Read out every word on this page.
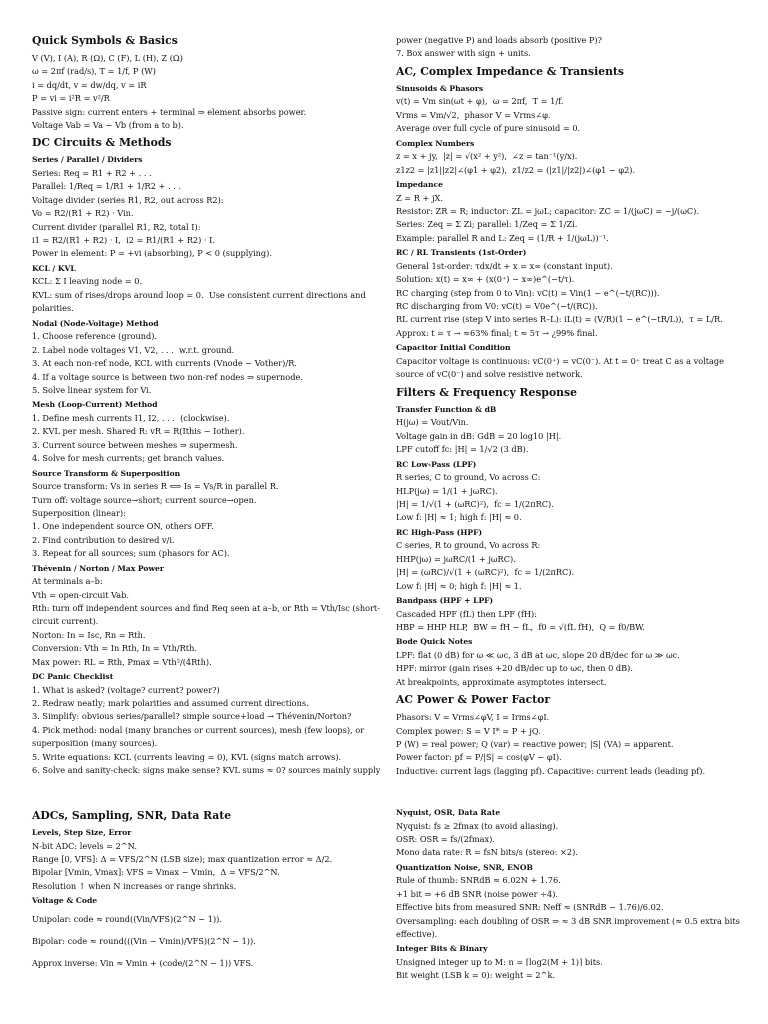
Quick Symbols & Basics

V (V), I (A), R (Ω), C (F), L (H), Z (Ω)

ω = 2πf (rad/s), T = 1/f, P (W)

i = dq/dt, v = dw/dq, v = iR

P = vi = i²R = v²/R

Passive sign: current enters + terminal ⇒ element absorbs power.

Voltage Vab = Va − Vb (from a to b).

DC Circuits & Methods
Series / Parallel / Dividers

Series: Req = R1 + R2 + . . .

Parallel: 1/Req = 1/R1 + 1/R2 + . . .

Voltage divider (series R1, R2, out across R2):

Vo = R2/(R1 + R2) · Vin.

Current divider (parallel R1, R2, total I):

i1 = R2/(R1 + R2) · I,  i2 = R1/(R1 + R2) · I.

Power in element: P = +vi (absorbing), P < 0 (supplying).

KCL / KVL

KCL: Σ I leaving node = 0.

KVL: sum of rises/drops around loop = 0.  Use consistent current directions and polarities.

Nodal (Node-Voltage) Method

1. Choose reference (ground).

2. Label node voltages V1, V2, . . .  w.r.t. ground.

3. At each non-ref node, KCL with currents (Vnode − Vother)/R.

4. If a voltage source is between two non-ref nodes ⇒ supernode.

5. Solve linear system for Vi.

Mesh (Loop-Current) Method

1. Define mesh currents I1, I2, . . .  (clockwise).

2. KVL per mesh. Shared R: vR = R(Ithis − Iother).

3. Current source between meshes ⇒ supermesh.

4. Solve for mesh currents; get branch values.

Source Transform & Superposition

Source transform: Vs in series R ⟺ Is = Vs/R in parallel R.

Turn off: voltage source→short; current source→open.

Superposition (linear):

1. One independent source ON, others OFF.

2. Find contribution to desired v/i.

3. Repeat for all sources; sum (phasors for AC).

Thévenin / Norton / Max Power

At terminals a–b:

Vth = open-circuit Vab.

Rth: turn off independent sources and find Req seen at a–b, or Rth = Vth/Isc (short-circuit current).

Norton: In = Isc, Rn = Rth.

Conversion: Vth = In Rth, In = Vth/Rth.

Max power: RL = Rth, Pmax = Vth²/(4Rth).

DC Panic Checklist

1. What is asked? (voltage? current? power?)

2. Redraw neatly; mark polarities and assumed current directions.

3. Simplify: obvious series/parallel? simple source+load → Thévenin/Norton?

4. Pick method: nodal (many branches or current sources), mesh (few loops), or superposition (many sources).

5. Write equations: KCL (currents leaving = 0), KVL (signs match arrows).

6. Solve and sanity-check: signs make sense? KVL sums ≈ 0? sources mainly supply

power (negative P) and loads absorb (positive P)?

7. Box answer with sign + units.

AC, Complex Impedance & Transients
Sinusoids & Phasors

v(t) = Vm sin(ωt + φ),  ω = 2πf,  T = 1/f.

Vrms = Vm/√2,  phasor V = Vrms∠φ.

Average over full cycle of pure sinusoid = 0.

Complex Numbers

z = x + jy,  |z| = √(x² + y²),  ∠z = tan⁻¹(y/x).

z1z2 = |z1||z2|∠(φ1 + φ2),  z1/z2 = (|z1|/|z2|)∠(φ1 − φ2).

Impedance

Z = R + jX.

Resistor: ZR = R; inductor: ZL = jωL; capacitor: ZC = 1/(jωC) = −j/(ωC).

Series: Zeq = Σ Zi; parallel: 1/Zeq = Σ 1/Zi.

Example: parallel R and L: Zeq = (1/R + 1/(jωL))⁻¹.

RC / RL Transients (1st-Order)

General 1st-order: τdx/dt + x = x∞ (constant input).

Solution: x(t) = x∞ + (x(0⁺) − x∞)e^(−t/τ).

RC charging (step from 0 to Vin): vC(t) = Vin(1 − e^(−t/(RC))).

RC discharging from V0: vC(t) = V0e^(−t/(RC)).

RL current rise (step V into series R–L): iL(t) = (V/R)(1 − e^(−tR/L)),  τ = L/R.

Approx: t = τ → ≈63% final; t ≈ 5τ → ¿99% final.

Capacitor Initial Condition

Capacitor voltage is continuous: vC(0⁺) = vC(0⁻). At t = 0⁺ treat C as a voltage source of vC(0⁻) and solve resistive network.

Filters & Frequency Response
Transfer Function & dB

H(jω) = Vout/Vin.

Voltage gain in dB: GdB = 20 log10 |H|.

LPF cutoff fc: |H| = 1/√2 (3 dB).

RC Low-Pass (LPF)

R series, C to ground, Vo across C:

HLP(jω) = 1/(1 + jωRC).

|H| = 1/√(1 + (ωRC)²),  fc = 1/(2πRC).

Low f: |H| ≈ 1; high f: |H| ≈ 0.

RC High-Pass (HPF)

C series, R to ground, Vo across R:

HHP(jω) = jωRC/(1 + jωRC).

|H| = (ωRC)/√(1 + (ωRC)²),  fc = 1/(2πRC).

Low f: |H| ≈ 0; high f: |H| ≈ 1.

Bandpass (HPF + LPF)

Cascaded HPF (fL) then LPF (fH):

HBP = HHP HLP,  BW = fH − fL,  f0 = √(fL fH),  Q = f0/BW.

Bode Quick Notes

LPF: flat (0 dB) for ω ≪ ωc, 3 dB at ωc, slope 20 dB/dec for ω ≫ ωc.

HPF: mirror (gain rises +20 dB/dec up to ωc, then 0 dB).

At breakpoints, approximate asymptotes intersect.

AC Power & Power Factor

Phasors: V = Vrms∠φV, I = Irms∠φI.

Complex power: S = V I* = P + jQ.

P (W) = real power; Q (var) = reactive power; |S| (VA) = apparent.

Power factor: pf = P/|S| = cos(φV − φI).

Inductive: current lags (lagging pf). Capacitive: current leads (leading pf).

ADCs, Sampling, SNR, Data Rate
Levels, Step Size, Error

N-bit ADC: levels = 2^N.

Range [0, VFS]: Δ = VFS/2^N (LSB size); max quantization error ≈ Δ/2.

Bipolar [Vmin, Vmax]: VFS = Vmax − Vmin,  Δ = VFS/2^N.

Resolution ↑ when N increases or range shrinks.

Voltage & Code

Unipolar: code ≈ round((Vin/VFS)(2^N − 1)).

Bipolar: code ≈ round(((Vin − Vmin)/VFS)(2^N − 1)).

Approx inverse: Vin ≈ Vmin + (code/(2^N − 1)) VFS.

Nyquist, OSR, Data Rate

Nyquist: fs ≥ 2fmax (to avoid aliasing).

OSR: OSR = fs/(2fmax).

Mono data rate: R = fsN bits/s (stereo: ×2).

Quantization Noise, SNR, ENOB

Rule of thumb: SNRdB ≈ 6.02N + 1.76.

+1 bit ⇒ +6 dB SNR (noise power ÷4).

Effective bits from measured SNR: Neff ≈ (SNRdB − 1.76)/6.02.

Oversampling: each doubling of OSR ⇒ ≈ 3 dB SNR improvement (≈ 0.5 extra bits effective).

Integer Bits & Binary

Unsigned integer up to M: n = ⌈log2(M + 1)⌉ bits.

Bit weight (LSB k = 0): weight = 2^k.
